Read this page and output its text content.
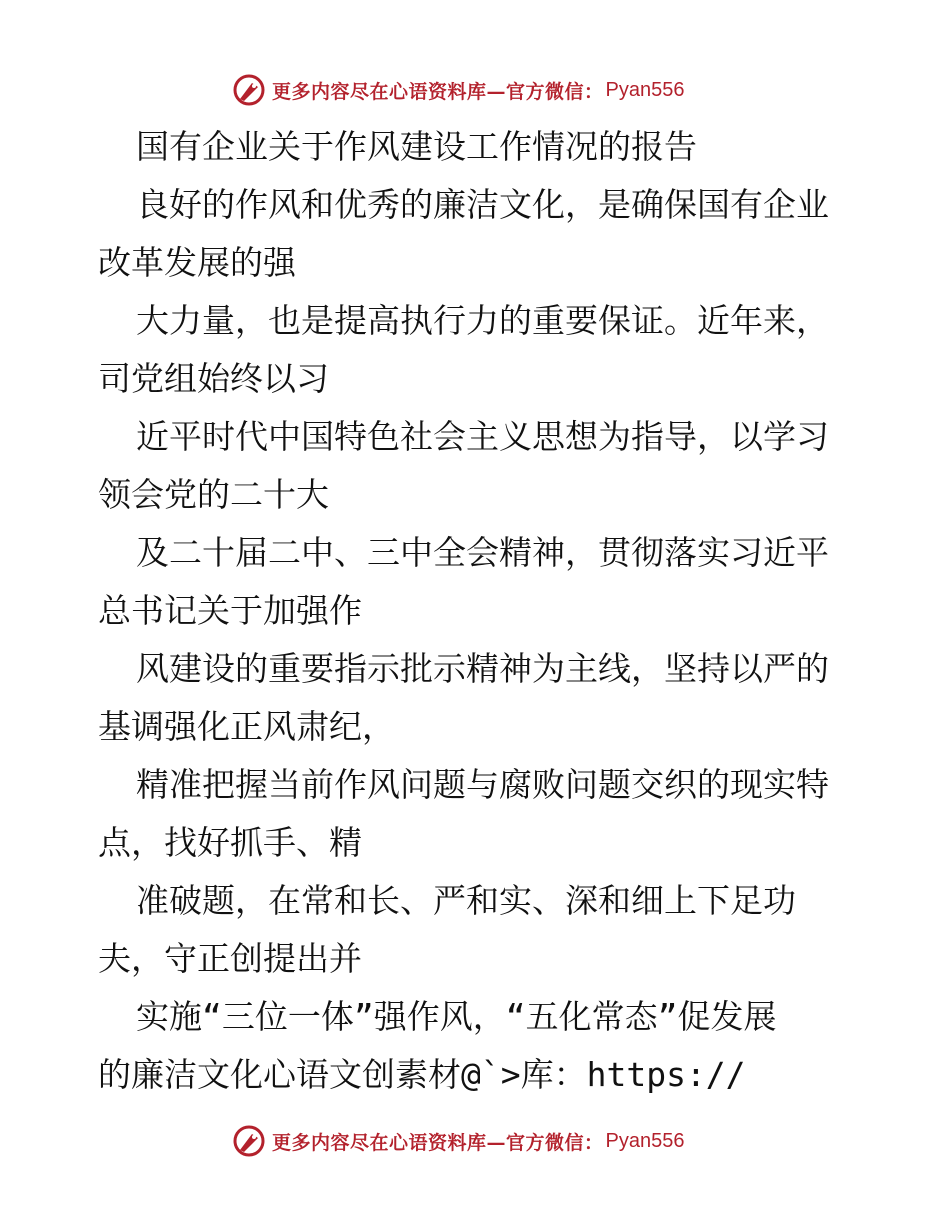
更多内容尽在心语资料库—官方微信： Pyan556
国有企业关于作风建设工作情况的报告
良好的作风和优秀的廉洁文化，是确保国有企业
改革发展的强
大力量，也是提高执行力的重要保证。近年来，
司党组始终以习
近平时代中国特色社会主义思想为指导，以学习
领会党的二十大
及二十届二中、三中全会精神，贯彻落实习近平
总书记关于加强作
风建设的重要指示批示精神为主线，坚持以严的
基调强化正风肃纪，
精准把握当前作风问题与腐败问题交织的现实特
点，找好抓手、精
准破题，在常和长、严和实、深和细上下足功
夫，守正创提出并
实施“三位一体”强作风，“五化常态”促发展
的廉洁文化心语文创素材@`>库：https://
更多内容尽在心语资料库—官方微信： Pyan556
